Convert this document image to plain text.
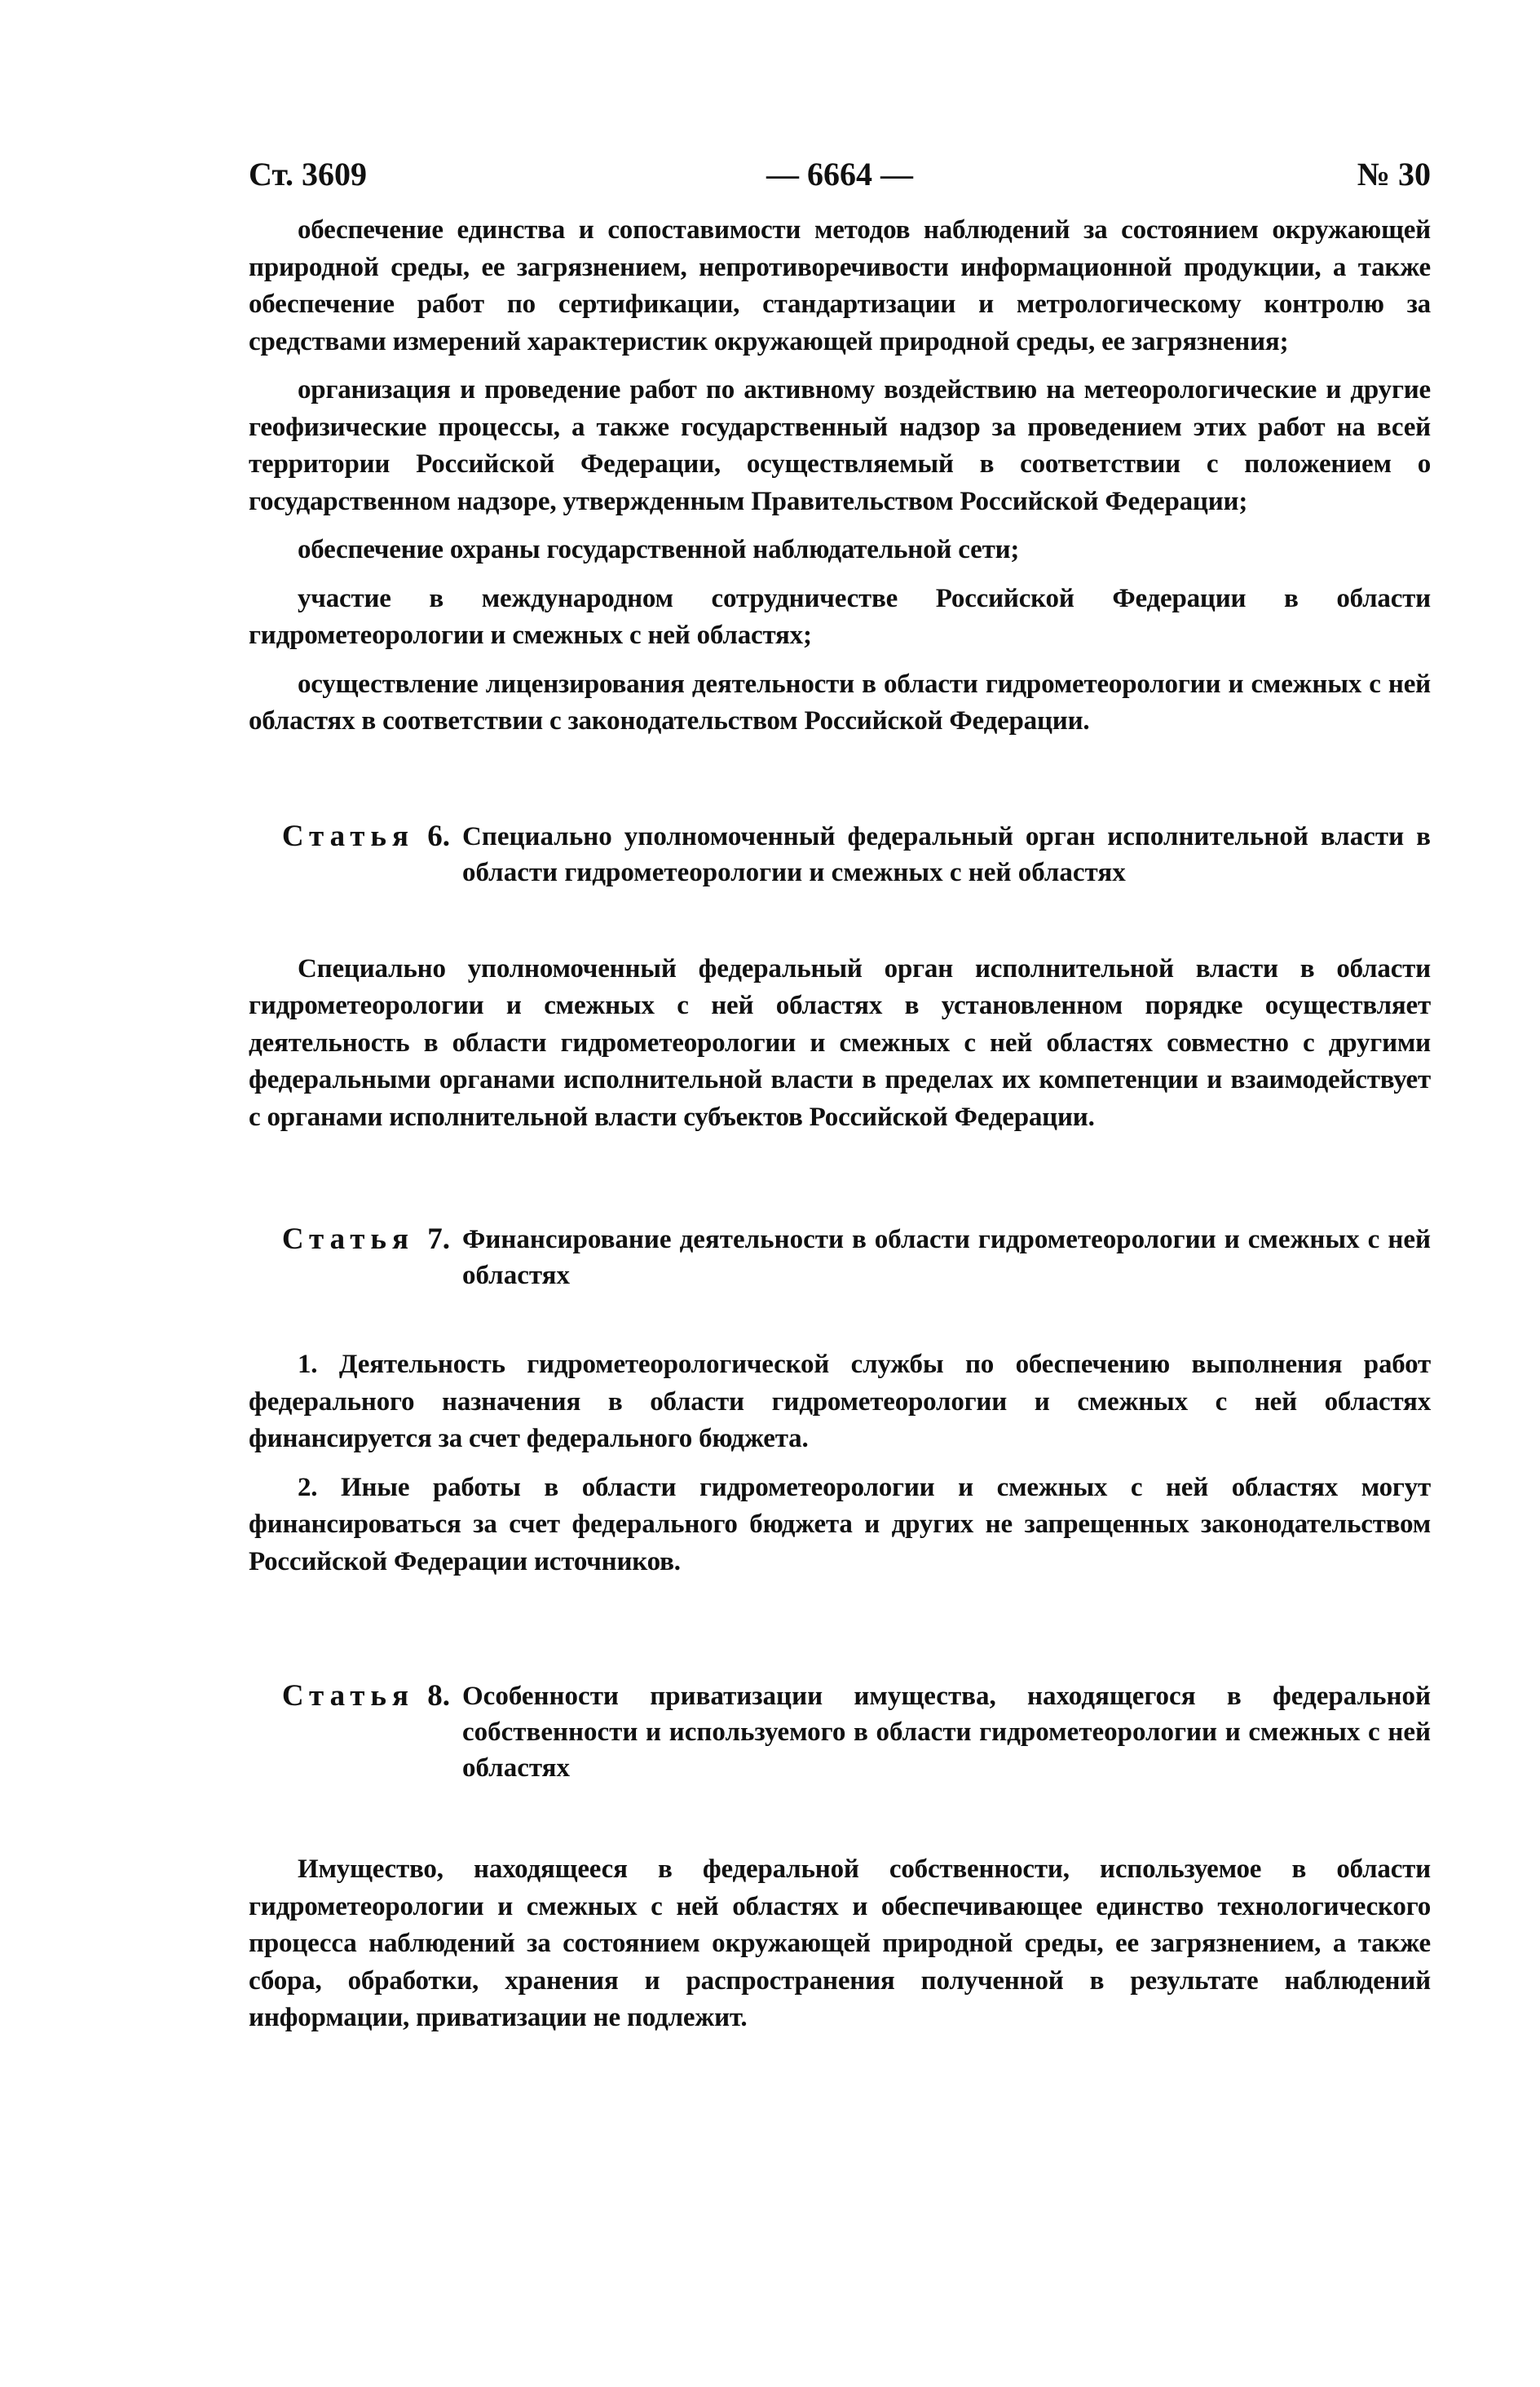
Ст. 3609	— 6664 —	№ 30

обеспечение единства и сопоставимости методов наблюдений за состоянием окружающей природной среды, ее загрязнением, непротиворечивости информационной продукции, а также обеспечение работ по сертификации, стандартизации и метрологическому контролю за средствами измерений характеристик окружающей природной среды, ее загрязнения;

организация и проведение работ по активному воздействию на метеорологические и другие геофизические процессы, а также государственный надзор за проведением этих работ на всей территории Российской Федерации, осуществляемый в соответствии с положением о государственном надзоре, утвержденным Правительством Российской Федерации;

обеспечение охраны государственной наблюдательной сети;

участие в международном сотрудничестве Российской Федерации в области гидрометеорологии и смежных с ней областях;

осуществление лицензирования деятельности в области гидрометеорологии и смежных с ней областях в соответствии с законодательством Российской Федерации.

Статья 6. Специально уполномоченный федеральный орган исполнительной власти в области гидрометеорологии и смежных с ней областях

Специально уполномоченный федеральный орган исполнительной власти в области гидрометеорологии и смежных с ней областях в установленном порядке осуществляет деятельность в области гидрометеорологии и смежных с ней областях совместно с другими федеральными органами исполнительной власти в пределах их компетенции и взаимодействует с органами исполнительной власти субъектов Российской Федерации.

Статья 7. Финансирование деятельности в области гидрометеорологии и смежных с ней областях

1. Деятельность гидрометеорологической службы по обеспечению выполнения работ федерального назначения в области гидрометеорологии и смежных с ней областях финансируется за счет федерального бюджета.

2. Иные работы в области гидрометеорологии и смежных с ней областях могут финансироваться за счет федерального бюджета и других не запрещенных законодательством Российской Федерации источников.

Статья 8. Особенности приватизации имущества, находящегося в федеральной собственности и используемого в области гидрометеорологии и смежных с ней областях

Имущество, находящееся в федеральной собственности, используемое в области гидрометеорологии и смежных с ней областях и обеспечивающее единство технологического процесса наблюдений за состоянием окружающей природной среды, ее загрязнением, а также сбора, обработки, хранения и распространения полученной в результате наблюдений информации, приватизации не подлежит.
